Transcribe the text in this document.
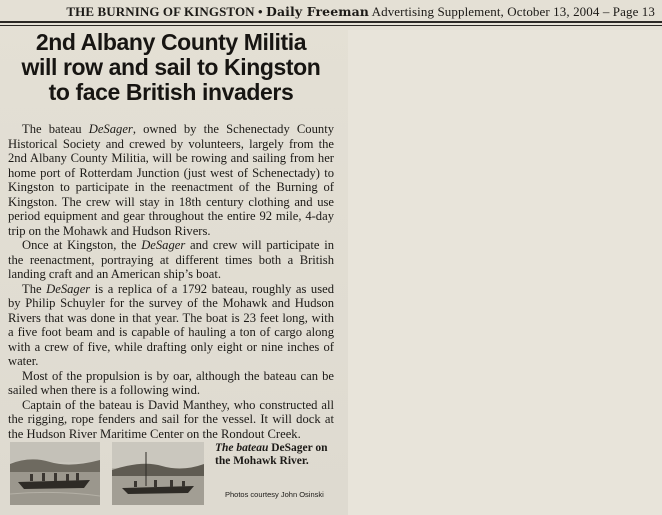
THE BURNING OF KINGSTON • Daily Freeman Advertising Supplement, October 13, 2004 – Page 13
2nd Albany County Militia
will row and sail to Kingston
to face British invaders

The bateau DeSager, owned by the Schenectady County Historical Society and crewed by volunteers, largely from the 2nd Albany County Militia, will be rowing and sailing from her home port of Rotterdam Junction (just west of Schenectady) to Kingston to participate in the reenactment of the Burning of Kingston. The crew will stay in 18th century clothing and use period equipment and gear throughout the entire 92 mile, 4-day trip on the Mohawk and Hudson Rivers.

Once at Kingston, the DeSager and crew will participate in the reenactment, portraying at different times both a British landing craft and an American ship’s boat.

The DeSager is a replica of a 1792 bateau, roughly as used by Philip Schuyler for the survey of the Mohawk and Hudson Rivers that was done in that year. The boat is 23 feet long, with a five foot beam and is capable of hauling a ton of cargo along with a crew of five, while drafting only eight or nine inches of water.

Most of the propulsion is by oar, although the bateau can be sailed when there is a following wind.

Captain of the bateau is David Manthey, who constructed all the rigging, rope fenders and sail for the vessel. It will dock at the Hudson River Maritime Center on the Rondout Creek.

The bateau DeSager on the Mohawk River.
Photos courtesy John Osinski
